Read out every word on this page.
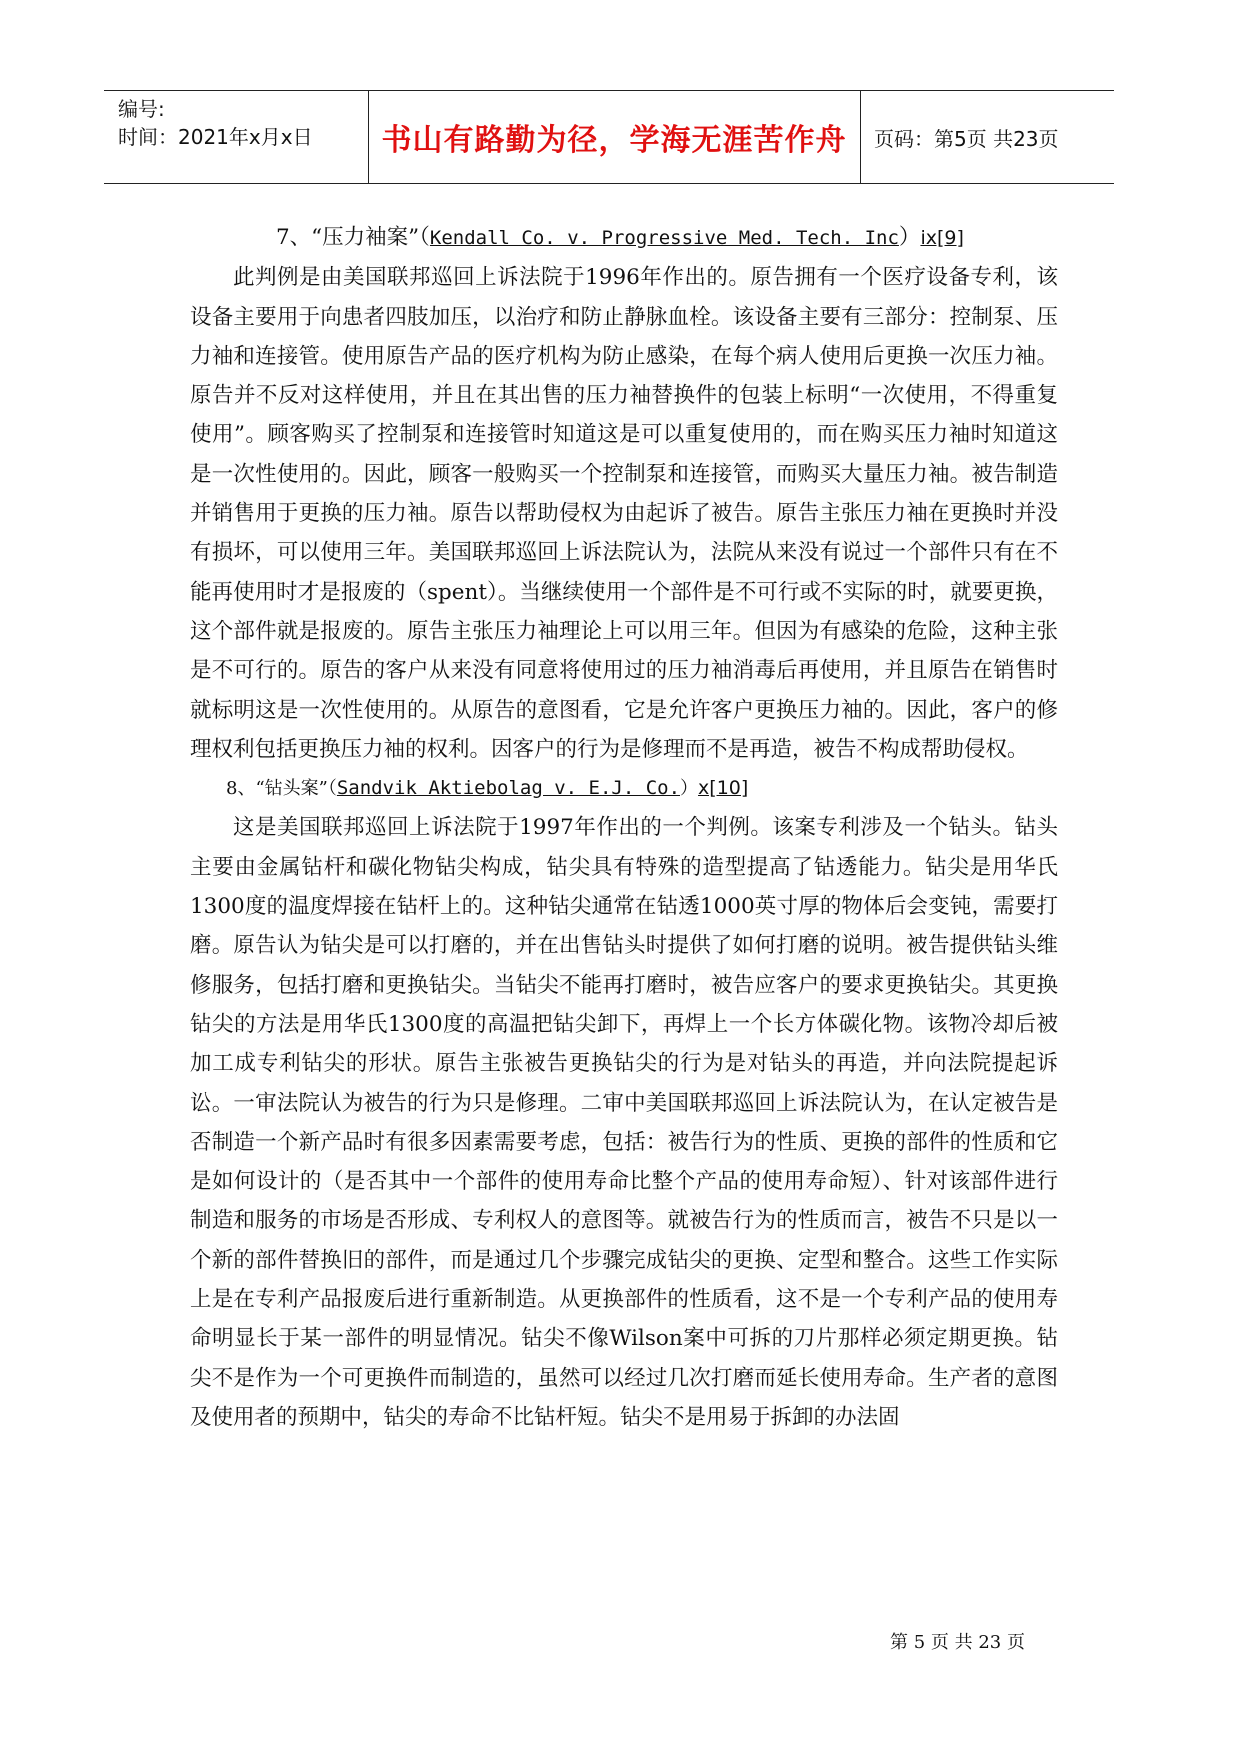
编号:
时间：2021年x月x日	书山有路勤为径，学海无涯苦作舟	页码：第5页 共23页

7、“压力袖案”（Kendall Co. v. Progressive Med. Tech. Inc）ix[9]

此判例是由美国联邦巡回上诉法院于1996年作出的。原告拥有一个医疗设备专利，该设备主要用于向患者四肢加压，以治疗和防止静脉血栓。该设备主要有三部分：控制泵、压力袖和连接管。使用原告产品的医疗机构为防止感染，在每个病人使用后更换一次压力袖。原告并不反对这样使用，并且在其出售的压力袖替换件的包装上标明“一次使用，不得重复使用”。顾客购买了控制泵和连接管时知道这是可以重复使用的，而在购买压力袖时知道这是一次性使用的。因此，顾客一般购买一个控制泵和连接管，而购买大量压力袖。被告制造并销售用于更换的压力袖。原告以帮助侵权为由起诉了被告。原告主张压力袖在更换时并没有损坏，可以使用三年。美国联邦巡回上诉法院认为，法院从来没有说过一个部件只有在不能再使用时才是报废的（spent）。当继续使用一个部件是不可行或不实际的时，就要更换，这个部件就是报废的。原告主张压力袖理论上可以用三年。但因为有感染的危险，这种主张是不可行的。原告的客户从来没有同意将使用过的压力袖消毒后再使用，并且原告在销售时就标明这是一次性使用的。从原告的意图看，它是允许客户更换压力袖的。因此，客户的修理权利包括更换压力袖的权利。因客户的行为是修理而不是再造，被告不构成帮助侵权。

8、“钻头案”（Sandvik Aktiebolag v. E.J. Co.）x[10]

这是美国联邦巡回上诉法院于1997年作出的一个判例。该案专利涉及一个钻头。钻头主要由金属钻杆和碳化物钻尖构成，钻尖具有特殊的造型提高了钻透能力。钻尖是用华氏1300度的温度焊接在钻杆上的。这种钻尖通常在钻透1000英寸厚的物体后会变钝，需要打磨。原告认为钻尖是可以打磨的，并在出售钻头时提供了如何打磨的说明。被告提供钻头维修服务，包括打磨和更换钻尖。当钻尖不能再打磨时，被告应客户的要求更换钻尖。其更换钻尖的方法是用华氏1300度的高温把钻尖卸下，再焊上一个长方体碳化物。该物冷却后被加工成专利钻尖的形状。原告主张被告更换钻尖的行为是对钻头的再造，并向法院提起诉讼。一审法院认为被告的行为只是修理。二审中美国联邦巡回上诉法院认为，在认定被告是否制造一个新产品时有很多因素需要考虑，包括：被告行为的性质、更换的部件的性质和它是如何设计的（是否其中一个部件的使用寿命比整个产品的使用寿命短）、针对该部件进行制造和服务的市场是否形成、专利权人的意图等。就被告行为的性质而言，被告不只是以一个新的部件替换旧的部件，而是通过几个步骤完成钻尖的更换、定型和整合。这些工作实际上是在专利产品报废后进行重新制造。从更换部件的性质看，这不是一个专利产品的使用寿命明显长于某一部件的明显情况。钻尖不像Wilson案中可拆的刀片那样必须定期更换。钻尖不是作为一个可更换件而制造的，虽然可以经过几次打磨而延长使用寿命。生产者的意图及使用者的预期中，钻尖的寿命不比钻杆短。钻尖不是用易于拆卸的办法固

第 5 页 共 23 页
